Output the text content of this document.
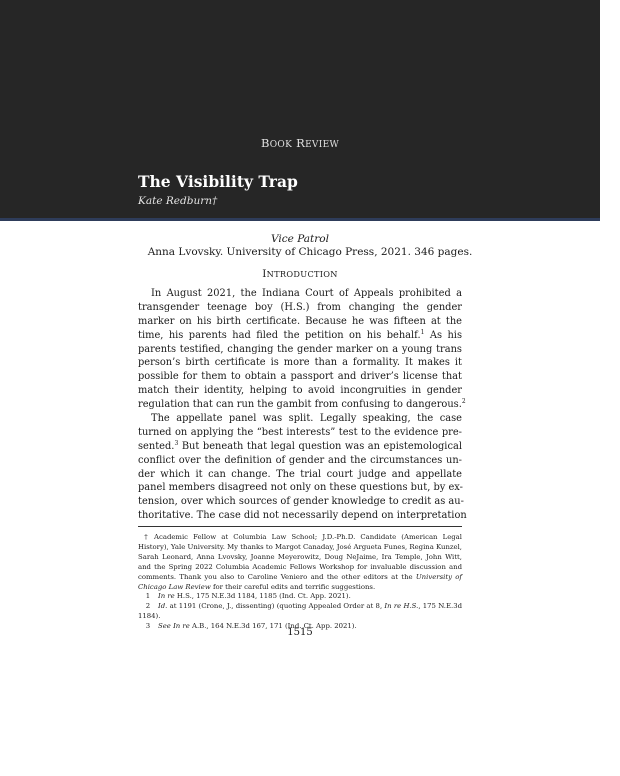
BOOK REVIEW
The Visibility Trap
Kate Redburn†
Vice Patrol
Anna Lvovsky. University of Chicago Press, 2021. 346 pages.
INTRODUCTION
In August 2021, the Indiana Court of Appeals prohibited a
transgender teenage boy (H.S.) from changing the gender
marker on his birth certificate. Because he was fifteen at the
time, his parents had filed the petition on his behalf.$^1$ As his
parents testified, changing the gender marker on a young trans
person’s birth certificate is more than a formality. It makes it
possible for them to obtain a passport and driver’s license that
match their identity, helping to avoid incongruities in gender
regulation that can run the gambit from confusing to dangerous.$^2$
The appellate panel was split. Legally speaking, the case
turned on applying the “best interests” test to the evidence pre-
sented.$^3$ But beneath that legal question was an epistemological
conflict over the definition of gender and the circumstances un-
der which it can change. The trial court judge and appellate
panel members disagreed not only on these questions but, by ex-
tension, over which sources of gender knowledge to credit as au-
thoritative. The case did not necessarily depend on interpretation
† Academic Fellow at Columbia Law School; J.D.-Ph.D. Candidate (American Legal History), Yale University. My thanks to Margot Canaday, José Argueta Funes, Regina Kunzel, Sarah Leonard, Anna Lvovsky, Joanne Meyerowitz, Doug NeJaime, Ira Temple, John Witt, and the Spring 2022 Columbia Academic Fellows Workshop for invaluable discussion and comments. Thank you also to Caroline Veniero and the other editors at the University of Chicago Law Review for their careful edits and terrific suggestions.
1 In re H.S., 175 N.E.3d 1184, 1185 (Ind. Ct. App. 2021).
2 Id. at 1191 (Crone, J., dissenting) (quoting Appealed Order at 8, In re H.S., 175 N.E.3d 1184).
3 See In re A.B., 164 N.E.3d 167, 171 (Ind. Ct. App. 2021).
1515
